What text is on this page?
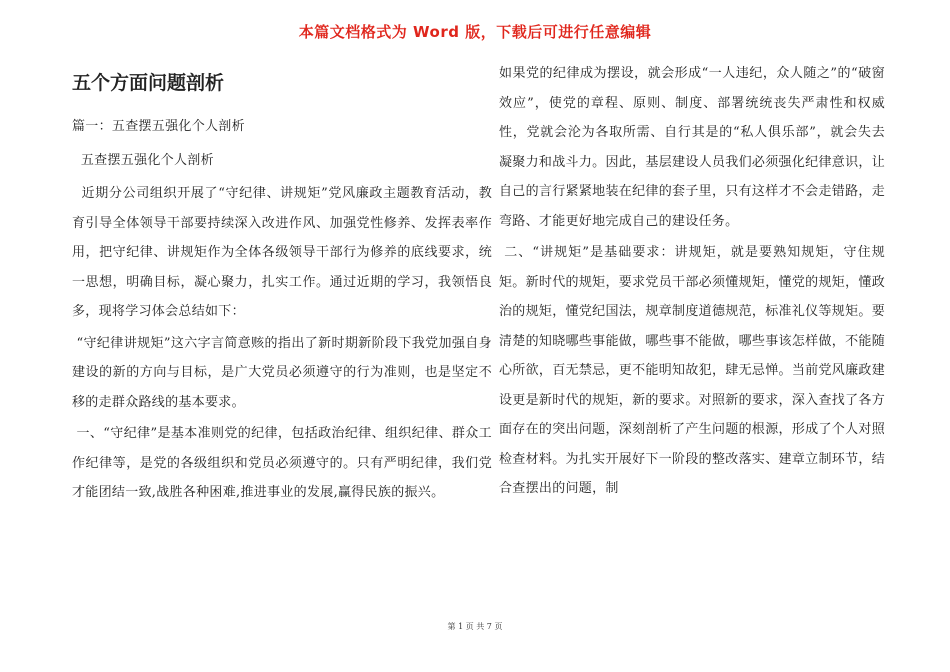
本篇文档格式为 Word 版，下载后可进行任意编辑
五个方面问题剖析

篇一：五查摆五强化个人剖析

五查摆五强化个人剖析

近期分公司组织开展了“守纪律、讲规矩”党风廉政主题教育活动，教育引导全体领导干部要持续深入改进作风、加强党性修养、发挥表率作用，把守纪律、讲规矩作为全体各级领导干部行为修养的底线要求，统一思想，明确目标，凝心聚力，扎实工作。通过近期的学习，我领悟良多，现将学习体会总结如下：

“守纪律讲规矩”这六字言简意赅的指出了新时期新阶段下我党加强自身建设的新的方向与目标，是广大党员必须遵守的行为准则，也是坚定不移的走群众路线的基本要求。

一、“守纪律”是基本准则党的纪律，包括政治纪律、组织纪律、群众工作纪律等，是党的各级组织和党员必须遵守的。只有严明纪律，我们党才能团结一致,战胜各种困难,推进事业的发展,赢得民族的振兴。

如果党的纪律成为摆设，就会形成“一人违纪，众人随之”的“破窗效应”，使党的章程、原则、制度、部署统统丧失严肃性和权威性，党就会沦为各取所需、自行其是的“私人俱乐部”，就会失去凝聚力和战斗力。因此，基层建设人员我们必须强化纪律意识，让自己的言行紧紧地装在纪律的套子里，只有这样才不会走错路，走弯路、才能更好地完成自己的建设任务。

二、“讲规矩”是基础要求：讲规矩，就是要熟知规矩，守住规矩。新时代的规矩，要求党员干部必须懂规矩，懂党的规矩，懂政治的规矩，懂党纪国法，规章制度道德规范，标准礼仪等规矩。要清楚的知晓哪些事能做，哪些事不能做，哪些事该怎样做，不能随心所欲，百无禁忌，更不能明知故犯，肆无忌惮。当前党风廉政建设更是新时代的规矩，新的要求。对照新的要求，深入查找了各方面存在的突出问题，深刻剖析了产生问题的根源，形成了个人对照检查材料。为扎实开展好下一阶段的整改落实、建章立制环节，结合查摆出的问题，制

第 1 页 共 7 页
